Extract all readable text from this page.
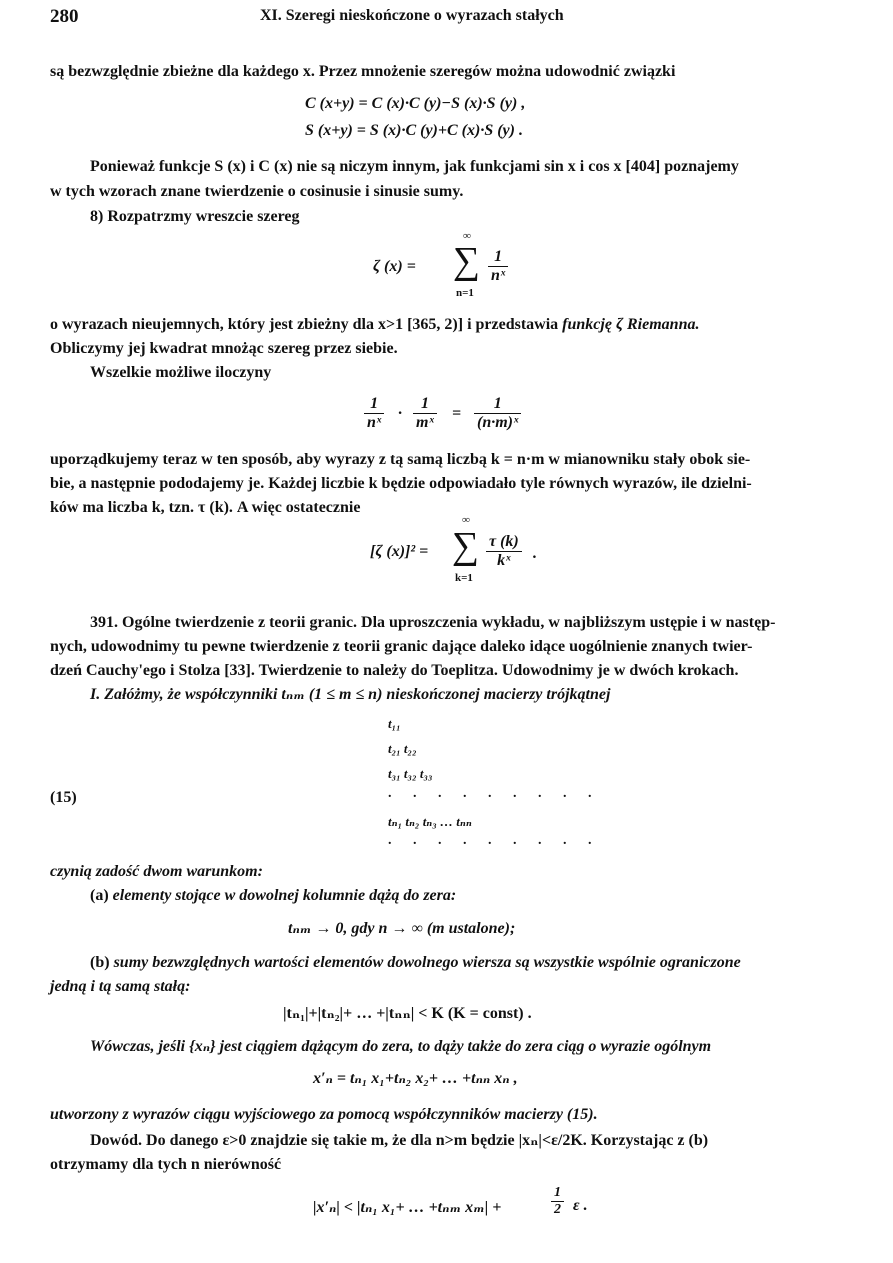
280	XI. Szeregi nieskończone o wyrazach stałych
są bezwzględnie zbieżne dla każdego x. Przez mnożenie szeregów można udowodnić związki
C (x+y) = C (x)·C (y)−S (x)·S (y) ,
S (x+y) = S (x)·C (y)+C (x)·S (y) .
Ponieważ funkcje S (x) i C (x) nie są niczym innym, jak funkcjami sin x i cos x [404] poznajemy
w tych wzorach znane twierdzenie o cosinusie i sinusie sumy.
8) Rozpatrzmy wreszcie szereg
ζ (x) =
∞
∑
n=1
$\frac{1}{\text{nˣ}}$
o wyrazach nieujemnych, który jest zbieżny dla x>1 [365, 2)] i przedstawia funkcję ζ Riemanna.
Obliczymy jej kwadrat mnożąc szereg przez siebie.
Wszelkie możliwe iloczyny
$\frac{1}{\text{nˣ}} \cdot \frac{1}{\text{mˣ}} = \frac{1}{\text{(n·m)ˣ}}$
uporządkujemy teraz w ten sposób, aby wyrazy z tą samą liczbą k = n·m w mianowniku stały obok sie-
bie, a następnie pododajemy je. Każdej liczbie k będzie odpowiadało tyle równych wyrazów, ile dzielni-
ków ma liczba k, tzn. τ (k). A więc ostatecznie
[ζ (x)]² =
∞
∑
k=1
$\frac{\tau (k)}{\text{kˣ}}$ .
391. Ogólne twierdzenie z teorii granic. Dla uproszczenia wykładu, w najbliższym ustępie i w następ-
nych, udowodnimy tu pewne twierdzenie z teorii granic dające daleko idące uogólnienie znanych twier-
dzeń Cauchy'ego i Stolza [33]. Twierdzenie to należy do Toeplitza. Udowodnimy je w dwóch krokach.
I. Załóżmy, że współczynniki tₙₘ (1 ≤ m ≤ n) nieskończonej macierzy trójkątnej
t₁₁
t₂₁ t₂₂
t₃₁ t₃₂ t₃₃
. . . . . . . . .
tₙ₁ tₙ₂ tₙ₃ … tₙₙ
. . . . . . . . .
(15)
czynią zadość dwom warunkom:
(a) elementy stojące w dowolnej kolumnie dążą do zera:
tₙₘ → 0, gdy n → ∞ (m ustalone);
(b) sumy bezwzględnych wartości elementów dowolnego wiersza są wszystkie wspólnie ograniczone
jedną i tą samą stałą:
|tₙ₁|+|tₙ₂|+ … +|tₙₙ| < K (K = const) .
Wówczas, jeśli {xₙ} jest ciągiem dążącym do zera, to dąży także do zera ciąg o wyrazie ogólnym
x′ₙ = tₙ₁ x₁+tₙ₂ x₂+ … +tₙₙ xₙ ,
utworzony z wyrazów ciągu wyjściowego za pomocą współczynników macierzy (15).
Dowód. Do danego ε>0 znajdzie się takie m, że dla n>m będzie |xₙ|<ε/2K. Korzystając z (b)
otrzymamy dla tych n nierówność
|x′ₙ| < |tₙ₁ x₁+ … +tₙₘ xₘ| +	$\frac{1}{2}$ ε .
